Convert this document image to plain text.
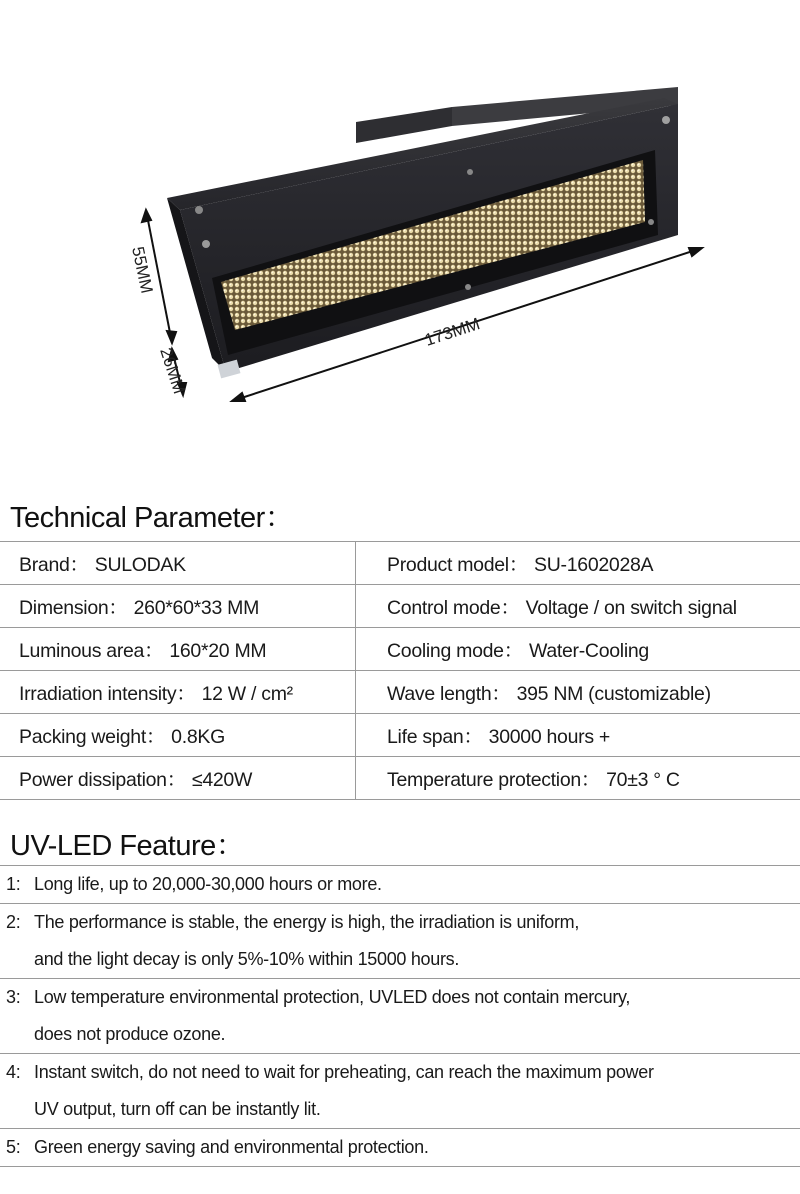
55MM
26MM
173MM
Technical Parameter：
Brand： SULODAK	Product model： SU-1602028A
Dimension： 260*60*33 MM	Control mode： Voltage / on switch signal
Luminous area： 160*20 MM	Cooling mode： Water-Cooling
Irradiation intensity： 12 W / cm²	Wave length： 395 NM (customizable)
Packing weight： 0.8KG	Life span： 30000 hours +
Power dissipation： ≤420W	Temperature protection： 70±3 ° C
UV-LED Feature：
1: Long life, up to 20,000-30,000 hours or more.
2: The performance is stable, the energy is high, the irradiation is uniform,
and the light decay is only 5%-10% within 15000 hours.
3: Low temperature environmental protection, UVLED does not contain mercury,
does not produce ozone.
4: Instant switch, do not need to wait for preheating, can reach the maximum power
UV output, turn off can be instantly lit.
5: Green energy saving and environmental protection.
